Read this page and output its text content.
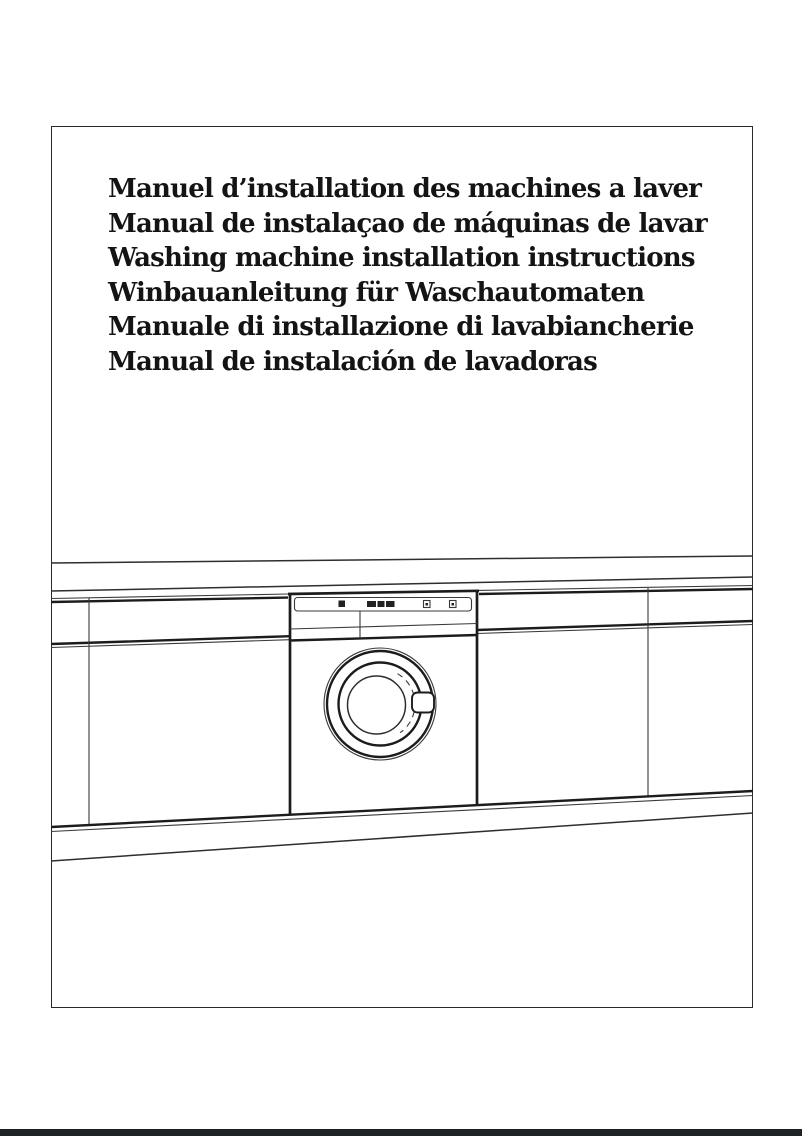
Manuel d’installation des machines a laver
Manual de instalaçao de máquinas de lavar
Washing machine installation instructions
Winbauanleitung für Waschautomaten
Manuale di installazione di lavabiancherie
Manual de instalación de lavadoras
